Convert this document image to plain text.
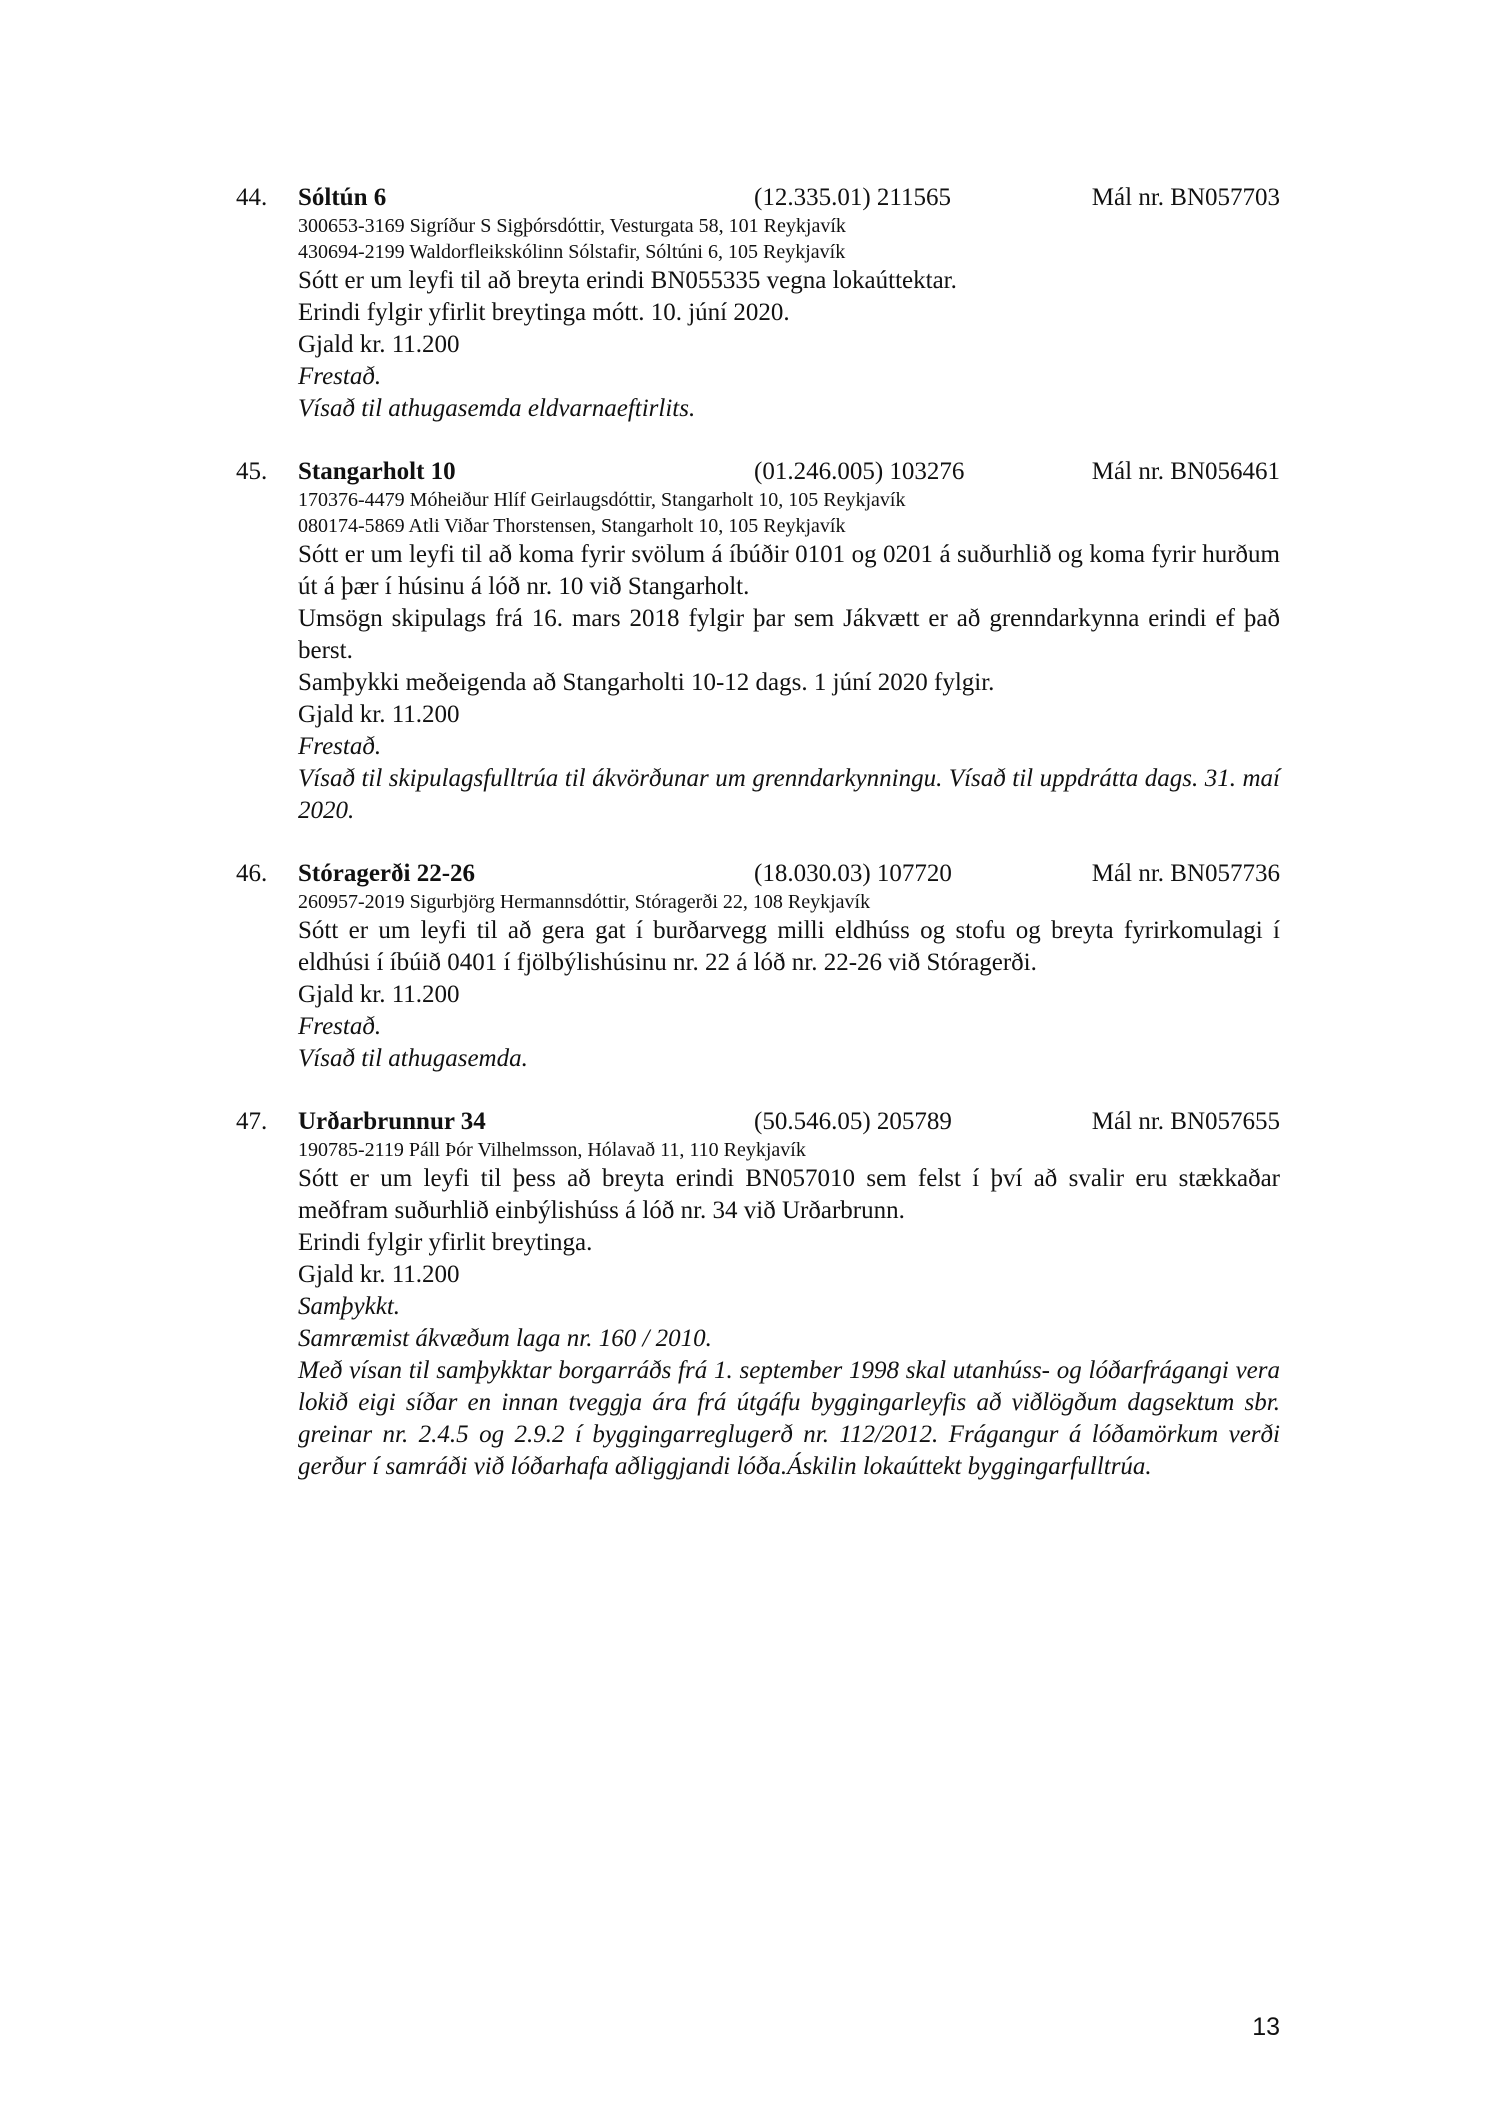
44. Sóltún 6	(12.335.01) 211565	Mál nr. BN057703
300653-3169 Sigríður S Sigþórsdóttir, Vesturgata 58, 101 Reykjavík
430694-2199 Waldorfleikskólinn Sólstafir, Sóltúni 6, 105 Reykjavík
Sótt er um leyfi til að breyta erindi BN055335 vegna lokaúttektar.
Erindi fylgir yfirlit breytinga mótt. 10. júní 2020.
Gjald kr. 11.200
Frestað.
Vísað til athugasemda eldvarnaeftirlits.
45. Stangarholt 10	(01.246.005) 103276	Mál nr. BN056461
170376-4479 Móheiður Hlíf Geirlaugsdóttir, Stangarholt 10, 105 Reykjavík
080174-5869 Atli Viðar Thorstensen, Stangarholt 10, 105 Reykjavík
Sótt er um leyfi til að koma fyrir svölum á íbúðir 0101 og 0201 á suðurhlið og koma fyrir hurðum út á þær í húsinu á lóð nr. 10 við Stangarholt.
Umsögn skipulags frá 16. mars 2018 fylgir þar sem Jákvætt er að grenndarkynna erindi ef það berst.
Samþykki meðeigenda að Stangarholti 10-12 dags. 1 júní 2020 fylgir.
Gjald kr. 11.200
Frestað.
Vísað til skipulagsfulltrúa til ákvörðunar um grenndarkynningu. Vísað til uppdrátta dags. 31. maí 2020.
46. Stóragerði 22-26	(18.030.03) 107720	Mál nr. BN057736
260957-2019 Sigurbjörg Hermannsdóttir, Stóragerði 22, 108 Reykjavík
Sótt er um leyfi til að gera gat í burðarvegg milli eldhúss og stofu og breyta fyrirkomulagi í eldhúsi í íbúið 0401 í fjölbýlishúsinu nr. 22 á lóð nr. 22-26 við Stóragerði.
Gjald kr. 11.200
Frestað.
Vísað til athugasemda.
47. Urðarbrunnur 34	(50.546.05) 205789	Mál nr. BN057655
190785-2119 Páll Þór Vilhelmsson, Hólavað 11, 110 Reykjavík
Sótt er um leyfi til þess að breyta erindi BN057010 sem felst í því að svalir eru stækkaðar meðfram suðurhlið einbýlishúss á lóð nr. 34 við Urðarbrunn.
Erindi fylgir yfirlit breytinga.
Gjald kr. 11.200
Samþykkt.
Samræmist ákvæðum laga nr. 160 / 2010.
Með vísan til samþykktar borgarráðs frá 1. september 1998 skal utanhúss- og lóðarfrágangi vera lokið eigi síðar en innan tveggja ára frá útgáfu byggingarleyfis að viðlögðum dagsektum sbr. greinar nr. 2.4.5 og 2.9.2 í byggingarreglugerð nr. 112/2012. Frágangur á lóðamörkum verði gerður í samráði við lóðarhafa aðliggjandi lóða.Áskilin lokaúttekt byggingarfulltrúa.
13
